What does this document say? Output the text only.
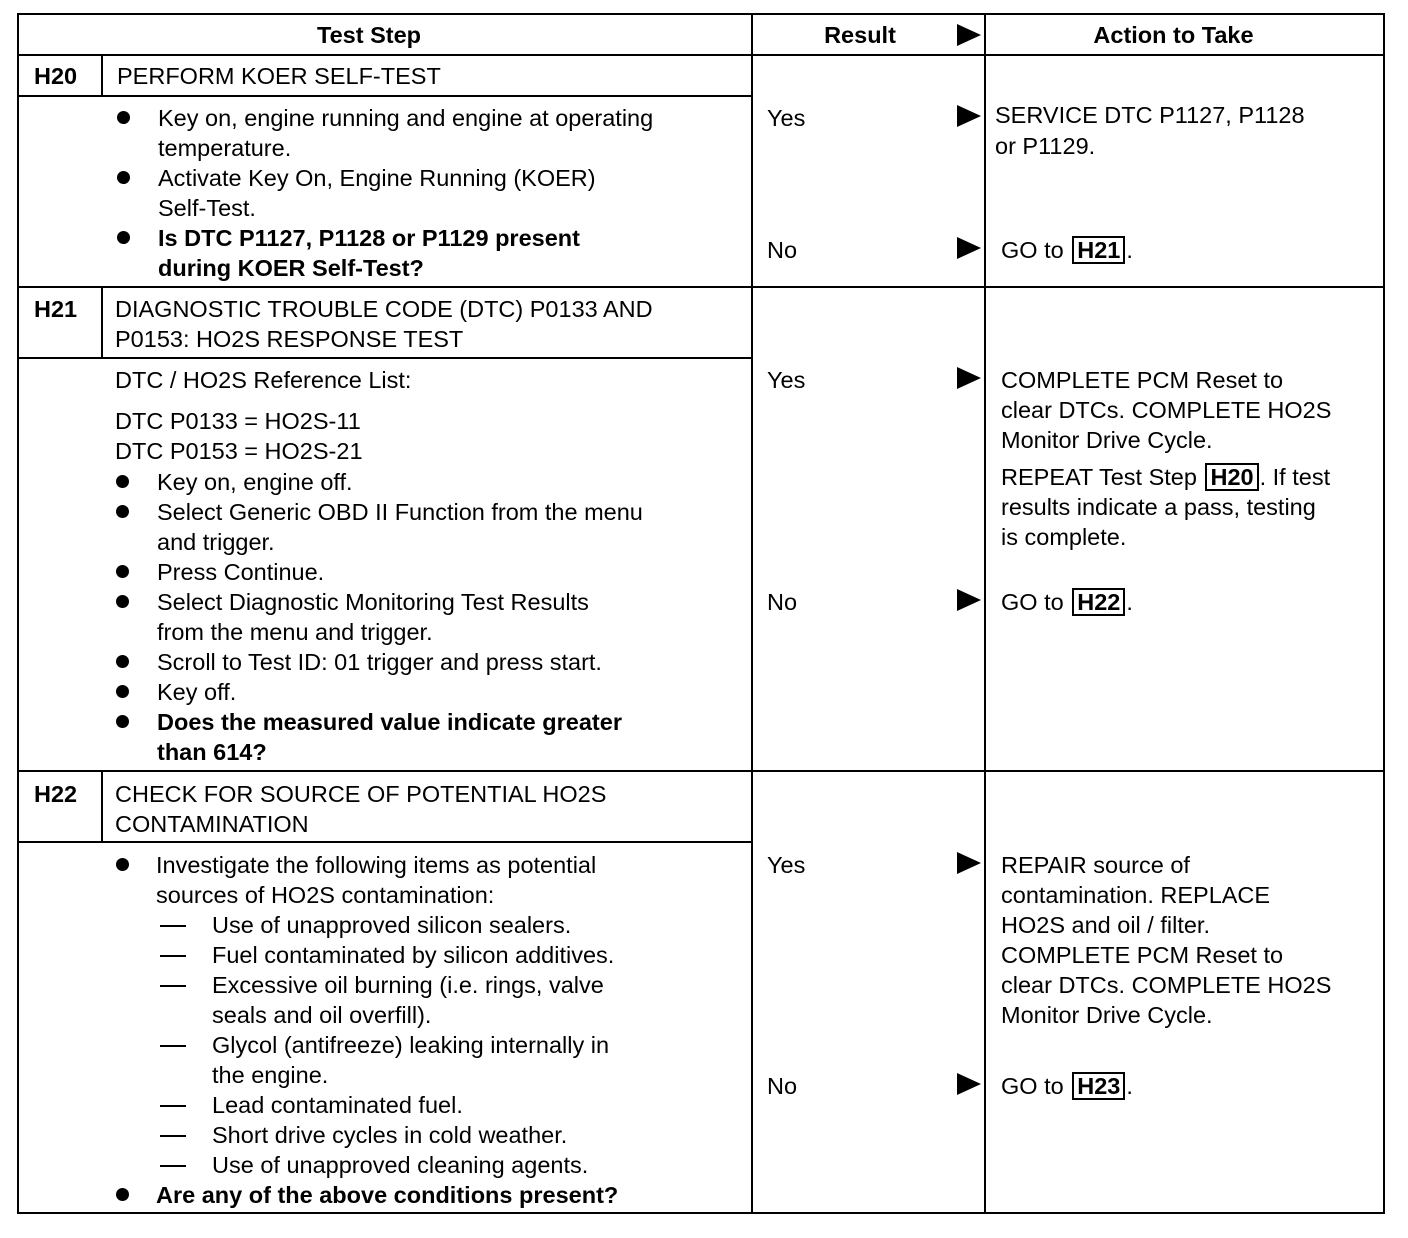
Test Step	Result	Action to Take
H20 PERFORM KOER SELF-TEST
Key on, engine running and engine at operating
temperature.
Activate Key On, Engine Running (KOER)
Self-Test.
Is DTC P1127, P1128 or P1129 present
during KOER Self-Test?
Yes	SERVICE DTC P1127, P1128
or P1129.
No	GO to H21 .
H21 DIAGNOSTIC TROUBLE CODE (DTC) P0133 AND
P0153: HO2S RESPONSE TEST
DTC / HO2S Reference List:
DTC P0133 = HO2S-11
DTC P0153 = HO2S-21
Key on, engine off.
Select Generic OBD II Function from the menu
and trigger.
Press Continue.
Select Diagnostic Monitoring Test Results
from the menu and trigger.
Scroll to Test ID: 01 trigger and press start.
Key off.
Does the measured value indicate greater
than 614?
Yes	COMPLETE PCM Reset to
clear DTCs. COMPLETE HO2S
Monitor Drive Cycle.
REPEAT Test Step H20 . If test
results indicate a pass, testing
is complete.
No	GO to H22 .
H22 CHECK FOR SOURCE OF POTENTIAL HO2S
CONTAMINATION
Investigate the following items as potential
sources of HO2S contamination:
Use of unapproved silicon sealers.
Fuel contaminated by silicon additives.
Excessive oil burning (i.e. rings, valve
seals and oil overfill).
Glycol (antifreeze) leaking internally in
the engine.
Lead contaminated fuel.
Short drive cycles in cold weather.
Use of unapproved cleaning agents.
Are any of the above conditions present?
Yes	REPAIR source of
contamination. REPLACE
HO2S and oil / filter.
COMPLETE PCM Reset to
clear DTCs. COMPLETE HO2S
Monitor Drive Cycle.
No	GO to H23 .
